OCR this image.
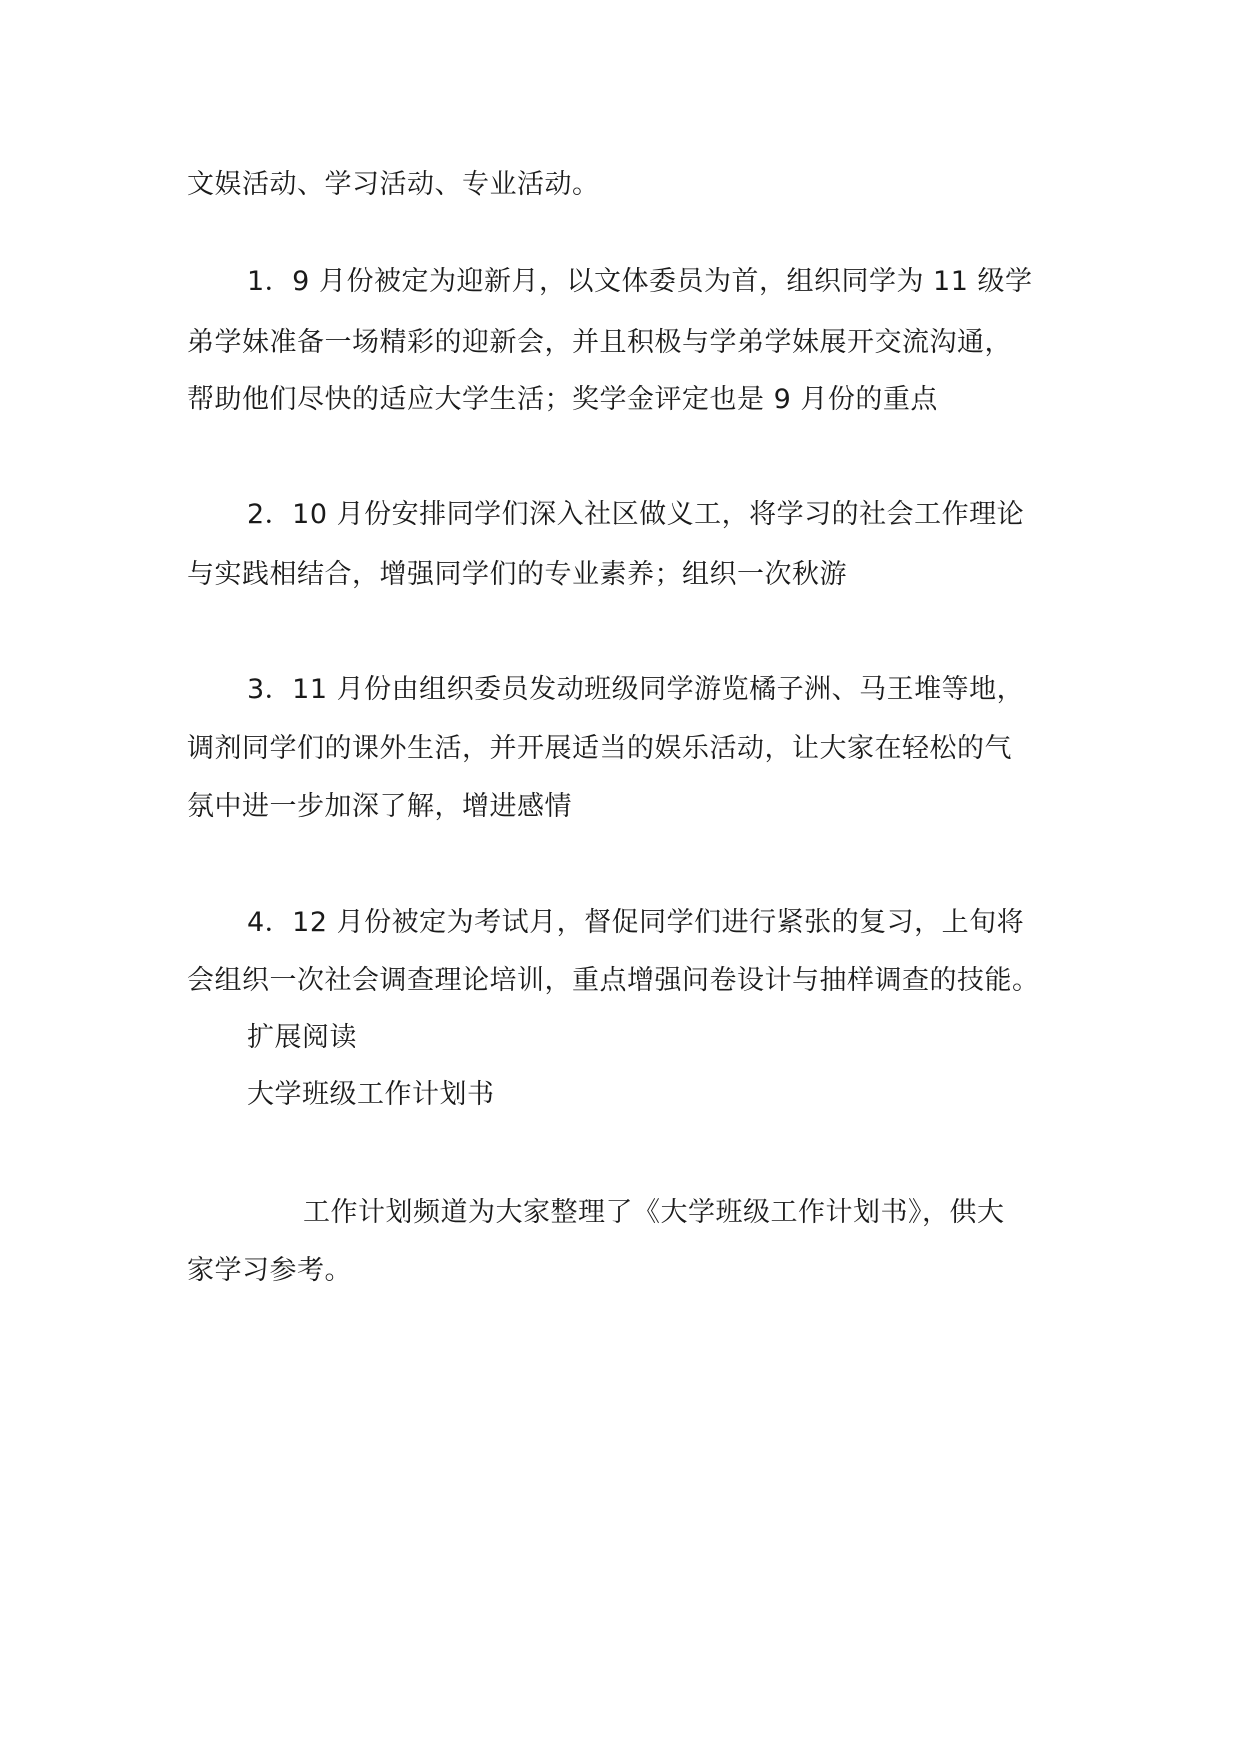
文娱活动、学习活动、专业活动。
1．9 月份被定为迎新月，以文体委员为首，组织同学为 11 级学
弟学妹准备一场精彩的迎新会，并且积极与学弟学妹展开交流沟通，
帮助他们尽快的适应大学生活；奖学金评定也是 9 月份的重点
2．10 月份安排同学们深入社区做义工，将学习的社会工作理论
与实践相结合，增强同学们的专业素养；组织一次秋游
3．11 月份由组织委员发动班级同学游览橘子洲、马王堆等地，
调剂同学们的课外生活，并开展适当的娱乐活动，让大家在轻松的气
氛中进一步加深了解，增进感情
4．12 月份被定为考试月，督促同学们进行紧张的复习，上旬将
会组织一次社会调查理论培训，重点增强问卷设计与抽样调查的技能。
扩展阅读
大学班级工作计划书
工作计划频道为大家整理了《大学班级工作计划书》，供大
家学习参考。
